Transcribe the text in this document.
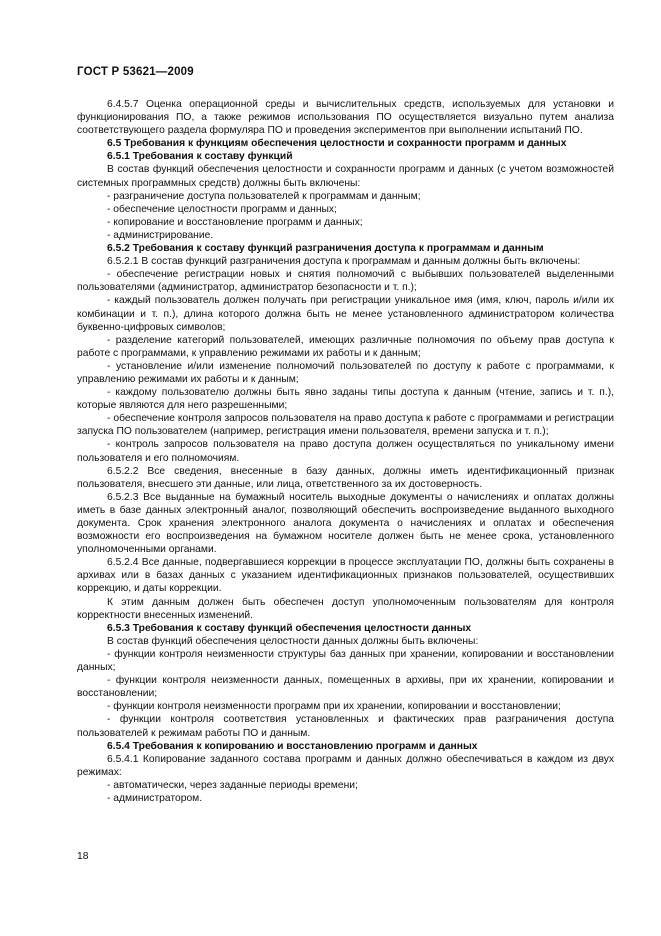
ГОСТ Р 53621—2009

6.4.5.7 Оценка операционной среды и вычислительных средств, используемых для установки и функционирования ПО, а также режимов использования ПО осуществляется визуально путем анализа соответствующего раздела формуляра ПО и проведения экспериментов при выполнении испытаний ПО.

6.5 Требования к функциям обеспечения целостности и сохранности программ и данных

6.5.1 Требования к составу функций

В состав функций обеспечения целостности и сохранности программ и данных (с учетом возможностей системных программных средств) должны быть включены:

- разграничение доступа пользователей к программам и данным;

- обеспечение целостности программ и данных;

- копирование и восстановление программ и данных;

- администрирование.

6.5.2 Требования к составу функций разграничения доступа к программам и данным

6.5.2.1 В состав функций разграничения доступа к программам и данным должны быть включены:

- обеспечение регистрации новых и снятия полномочий с выбывших пользователей выделенными пользователями (администратор, администратор безопасности и т. п.);

- каждый пользователь должен получать при регистрации уникальное имя (имя, ключ, пароль и/или их комбинации и т. п.), длина которого должна быть не менее установленного администратором количества буквенно-цифровых символов;

- разделение категорий пользователей, имеющих различные полномочия по объему прав доступа к работе с программами, к управлению режимами их работы и к данным;

- установление и/или изменение полномочий пользователей по доступу к работе с программами, к управлению режимами их работы и к данным;

- каждому пользователю должны быть явно заданы типы доступа к данным (чтение, запись и т. п.), которые являются для него разрешенными;

- обеспечение контроля запросов пользователя на право доступа к работе с программами и регистрации запуска ПО пользователем (например, регистрация имени пользователя, времени запуска и т. п.);

- контроль запросов пользователя на право доступа должен осуществляться по уникальному имени пользователя и его полномочиям.

6.5.2.2 Все сведения, внесенные в базу данных, должны иметь идентификационный признак пользователя, внесшего эти данные, или лица, ответственного за их достоверность.

6.5.2.3 Все выданные на бумажный носитель выходные документы о начислениях и оплатах должны иметь в базе данных электронный аналог, позволяющий обеспечить воспроизведение выданного выходного документа. Срок хранения электронного аналога документа о начислениях и оплатах и обеспечения возможности его воспроизведения на бумажном носителе должен быть не менее срока, установленного уполномоченными органами.

6.5.2.4 Все данные, подвергавшиеся коррекции в процессе эксплуатации ПО, должны быть сохранены в архивах или в базах данных с указанием идентификационных признаков пользователей, осуществивших коррекцию, и даты коррекции.

К этим данным должен быть обеспечен доступ уполномоченным пользователям для контроля корректности внесенных изменений.

6.5.3 Требования к составу функций обеспечения целостности данных

В состав функций обеспечения целостности данных должны быть включены:

- функции контроля неизменности структуры баз данных при хранении, копировании и восстановлении данных;

- функции контроля неизменности данных, помещенных в архивы, при их хранении, копировании и восстановлении;

- функции контроля неизменности программ при их хранении, копировании и восстановлении;

- функции контроля соответствия установленных и фактических прав разграничения доступа пользователей к режимам работы ПО и данным.

6.5.4 Требования к копированию и восстановлению программ и данных

6.5.4.1 Копирование заданного состава программ и данных должно обеспечиваться в каждом из двух режимах:

- автоматически, через заданные периоды времени;

- администратором.

18
